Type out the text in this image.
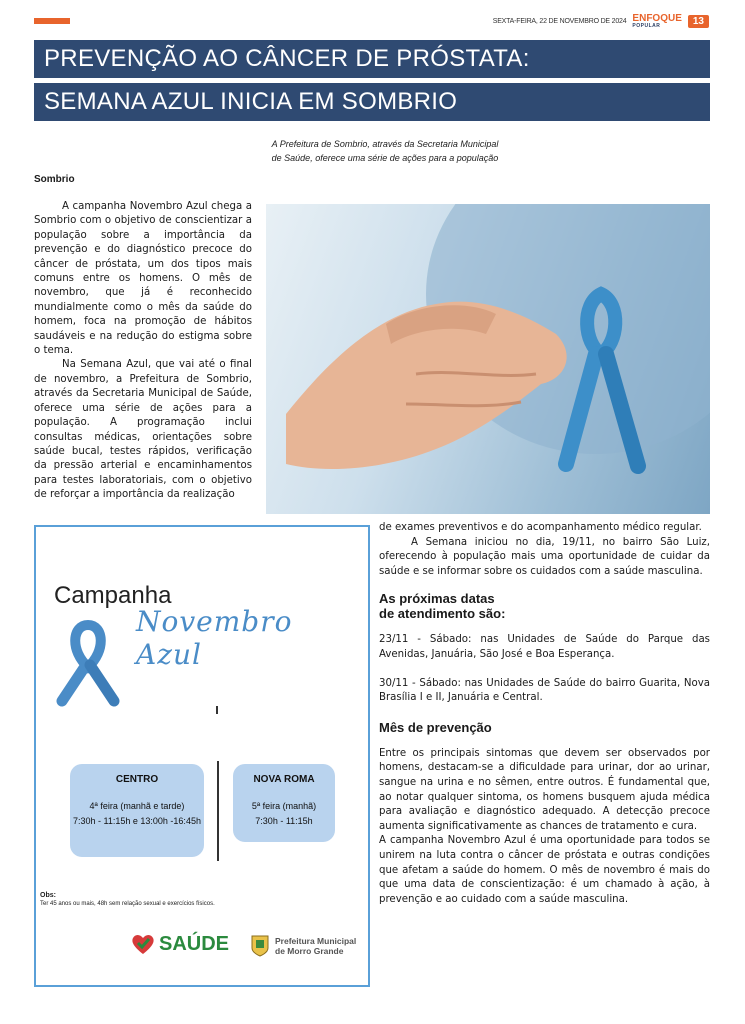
SEXTA-FEIRA, 22 DE NOVEMBRO DE 2024 ENFOQUE
POPULAR	13
PREVENÇÃO AO CÂNCER DE PRÓSTATA:
SEMANA AZUL INICIA EM SOMBRIO
A Prefeitura de Sombrio, através da Secretaria Municipal
de Saúde, oferece uma série de ações para a população
Sombrio

A campanha Novembro Azul chega a Sombrio com o objetivo de conscientizar a população sobre a importância da prevenção e do diagnóstico precoce do câncer de próstata, um dos tipos mais comuns entre os homens. O mês de novembro, que já é reconhecido mundialmente como o mês da saúde do homem, foca na promoção de hábitos saudáveis e na redução do estigma sobre o tema.

Na Semana Azul, que vai até o final de novembro, a Prefeitura de Sombrio, através da Secretaria Municipal de Saúde, oferece uma série de ações para a população. A programação inclui consultas médicas, orientações sobre saúde bucal, testes rápidos, verificação da pressão arterial e encaminhamentos para testes laboratoriais, com o objetivo de reforçar a importância da realização

Campanha
Novembro Azul
CENTRO
4ª feira (manhã e tarde)
7:30h - 11:15h e 13:00h -16:45h
NOVA ROMA
5ª feira (manhã)
7:30h - 11:15h
Obs:
Ter 45 anos ou mais, 48h sem relação sexual e exercícios físicos.
SAÚDE	Prefeitura Municipal
de Morro Grande

de exames preventivos e do acompanhamento médico regular.

A Semana iniciou no dia, 19/11, no bairro São Luiz, oferecendo à população mais uma oportunidade de cuidar da saúde e se informar sobre os cuidados com a saúde masculina.

As próximas datas
de atendimento são:

23/11 - Sábado: nas Unidades de Saúde do Parque das Avenidas, Januária, São José e Boa Esperança.

30/11 - Sábado: nas Unidades de Saúde do bairro Guarita, Nova Brasília I e II, Januária e Central.

Mês de prevenção

Entre os principais sintomas que devem ser observados por homens, destacam-se a dificuldade para urinar, dor ao urinar, sangue na urina e no sêmen, entre outros. É fundamental que, ao notar qualquer sintoma, os homens busquem ajuda médica para avaliação e diagnóstico adequado. A detecção precoce aumenta significativamente as chances de tratamento e cura.

A campanha Novembro Azul é uma oportunidade para todos se unirem na luta contra o câncer de próstata e outras condições que afetam a saúde do homem. O mês de novembro é mais do que uma data de conscientização: é um chamado à ação, à prevenção e ao cuidado com a saúde masculina.
